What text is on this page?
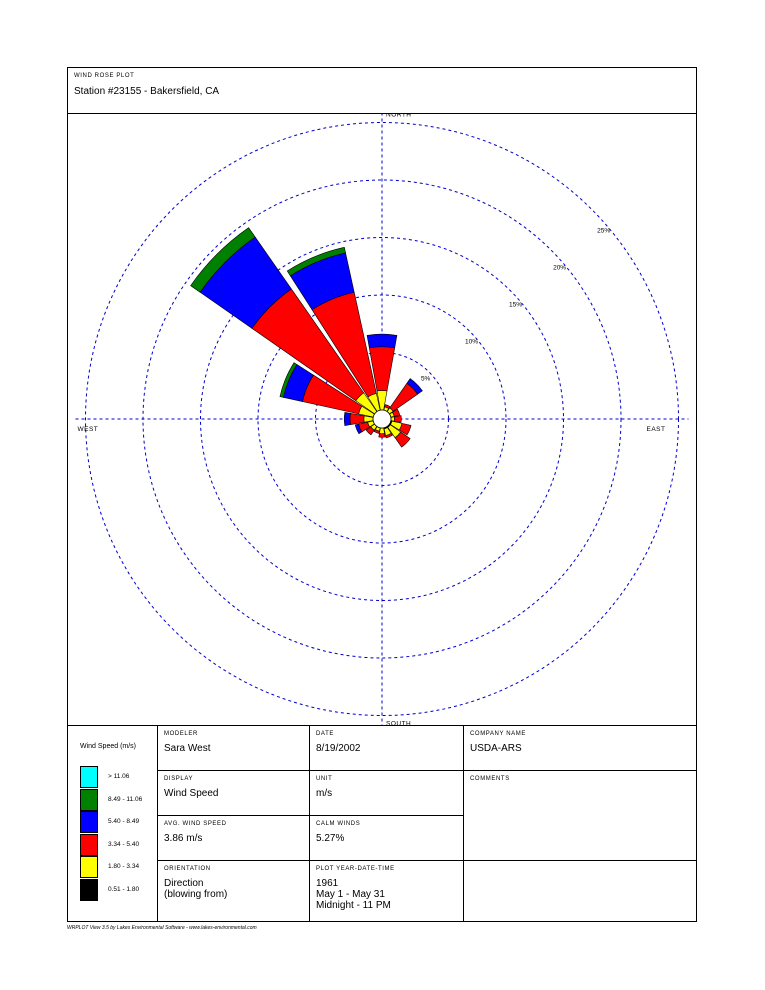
WIND ROSE PLOT
Station #23155 - Bakersfield, CA
5%
10%
15%
20%
25%
NORTH
SOUTH
EAST
WEST
Wind Speed (m/s)
> 11.06
8.49 - 11.06
5.40 - 8.49
3.34 - 5.40
1.80 - 3.34
0.51 - 1.80
MODELER
Sara West
DATE
8/19/2002
COMPANY NAME
USDA-ARS
DISPLAY
Wind Speed
UNIT
m/s
COMMENTS
AVG. WIND SPEED
3.86 m/s
CALM WINDS
5.27%
ORIENTATION
Direction
(blowing from)
PLOT YEAR-DATE-TIME
1961
May 1 - May 31
Midnight - 11 PM
WRPLOT View 3.5 by Lakes Environmental Software - www.lakes-environmental.com
